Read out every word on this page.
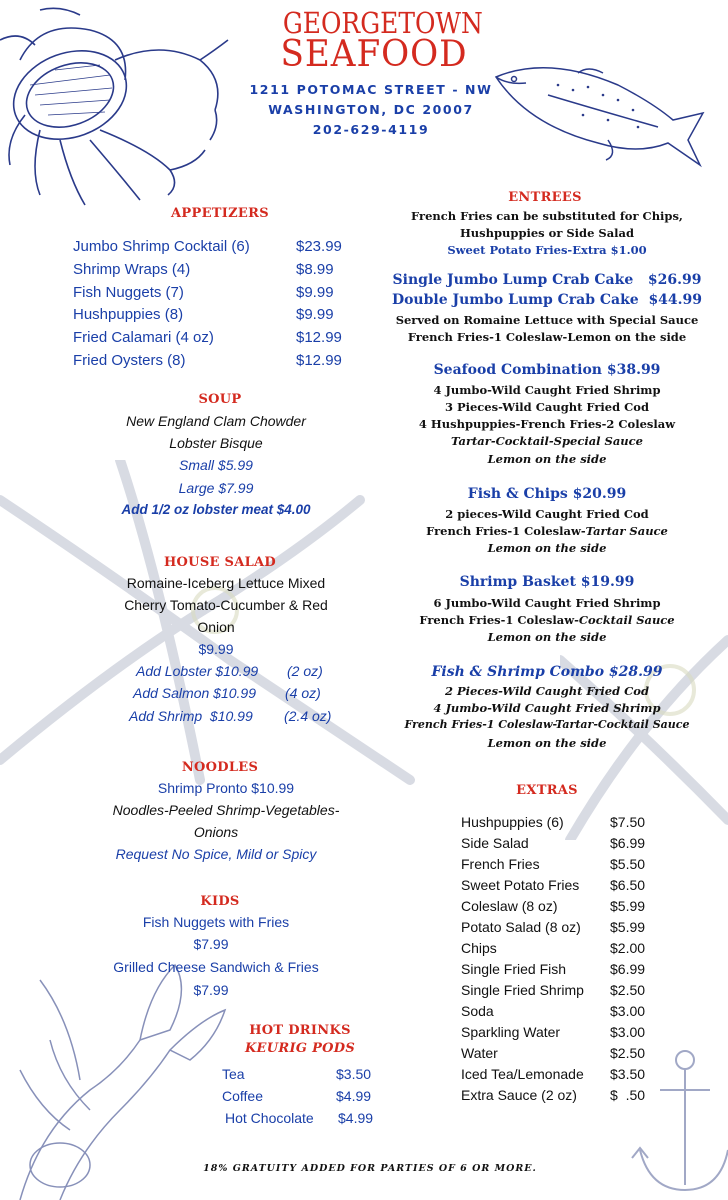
GEORGETOWN
SEAFOOD
1211 POTOMAC STREET - NW
WASHINGTON, DC 20007
202-629-4119
APPETIZERS
Jumbo Shrimp Cocktail (6)	$23.99
Shrimp Wraps (4)	$8.99
Fish Nuggets (7)	$9.99
Hushpuppies (8)	$9.99
Fried Calamari (4 oz)	$12.99
Fried Oysters (8)	$12.99
SOUP
New England Clam Chowder
Lobster Bisque
Small $5.99
Large $7.99
Add 1/2 oz lobster meat $4.00
HOUSE SALAD
Romaine-Iceberg Lettuce Mixed
Cherry Tomato-Cucumber & Red
Onion
$9.99
Add Lobster $10.99 (2 oz)
Add Salmon $10.99 (4 oz)
Add Shrimp  $10.99 (2.4 oz)
NOODLES
Shrimp Pronto $10.99
Noodles-Peeled Shrimp-Vegetables-
Onions
Request No Spice, Mild or Spicy
KIDS
Fish Nuggets with Fries
$7.99
Grilled Cheese Sandwich & Fries
$7.99
HOT DRINKS
KEURIG PODS
Tea	$3.50
Coffee	$4.99
Hot Chocolate $4.99
ENTREES
French Fries can be substituted for Chips,
Hushpuppies or Side Salad
Sweet Potato Fries-Extra $1.00
Single Jumbo Lump Crab Cake   $26.99
Double Jumbo Lump Crab Cake  $44.99
Served on Romaine Lettuce with Special Sauce
French Fries-1 Coleslaw-Lemon on the side
Seafood Combination $38.99
4 Jumbo-Wild Caught Fried Shrimp
3 Pieces-Wild Caught Fried Cod
4 Hushpuppies-French Fries-2 Coleslaw
Tartar-Cocktail-Special Sauce
Lemon on the side
Fish & Chips $20.99
2 pieces-Wild Caught Fried Cod
French Fries-1 Coleslaw-Tartar Sauce
Lemon on the side
Shrimp Basket $19.99
6 Jumbo-Wild Caught Fried Shrimp
French Fries-1 Coleslaw-Cocktail Sauce
Lemon on the side
Fish & Shrimp Combo $28.99
2 Pieces-Wild Caught Fried Cod
4 Jumbo-Wild Caught Fried Shrimp
French Fries-1 Coleslaw-Tartar-Cocktail Sauce
Lemon on the side
EXTRAS
Hushpuppies (6)	$7.50
Side Salad	$6.99
French Fries	$5.50
Sweet Potato Fries $6.50
Coleslaw (8 oz)	$5.99
Potato Salad (8 oz) $5.99
Chips	$2.00
Single Fried Fish	$6.99
Single Fried Shrimp $2.50
Soda	$3.00
Sparkling Water	$3.00
Water	$2.50
Iced Tea/Lemonade $3.50
Extra Sauce (2 oz) $  .50
18% GRATUITY ADDED FOR PARTIES OF 6 OR MORE.
